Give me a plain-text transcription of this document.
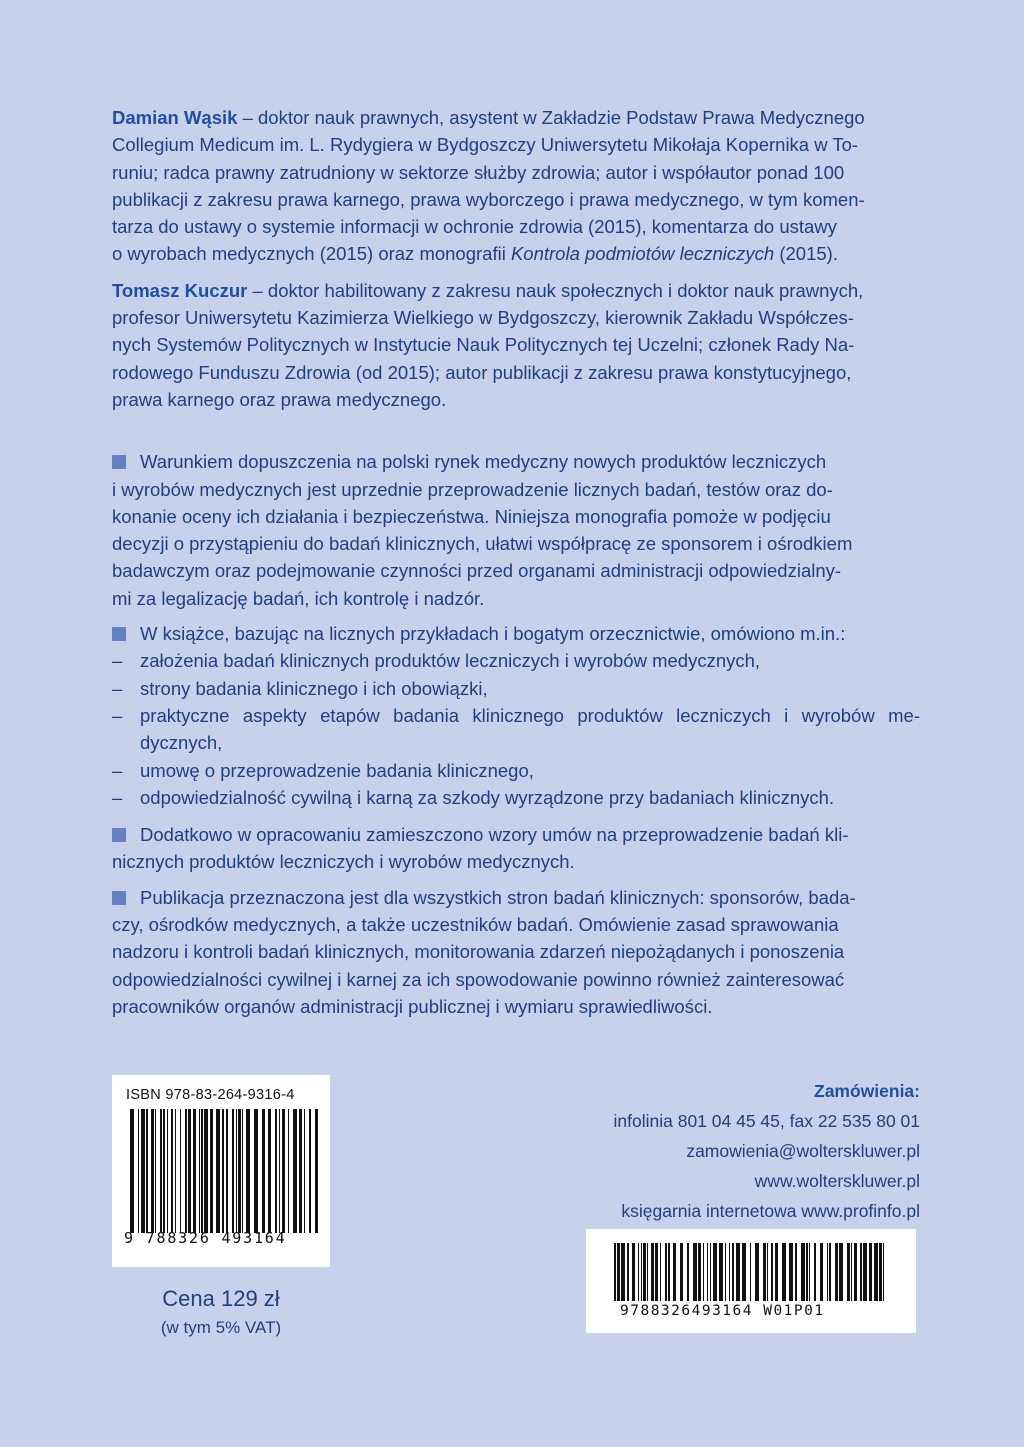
Damian Wąsik – doktor nauk prawnych, asystent w Zakładzie Podstaw Prawa Medycznego
Collegium Medicum im. L. Rydygiera w Bydgoszczy Uniwersytetu Mikołaja Kopernika w To-
runiu; radca prawny zatrudniony w sektorze służby zdrowia; autor i współautor ponad 100
publikacji z zakresu prawa karnego, prawa wyborczego i prawa medycznego, w tym komen-
tarza do ustawy o systemie informacji w ochronie zdrowia (2015), komentarza do ustawy
o wyrobach medycznych (2015) oraz monografii Kontrola podmiotów leczniczych (2015).

Tomasz Kuczur – doktor habilitowany z zakresu nauk społecznych i doktor nauk prawnych,
profesor Uniwersytetu Kazimierza Wielkiego w Bydgoszczy, kierownik Zakładu Współczes-
nych Systemów Politycznych w Instytucie Nauk Politycznych tej Uczelni; członek Rady Na-
rodowego Funduszu Zdrowia (od 2015); autor publikacji z zakresu prawa konstytucyjnego,
prawa karnego oraz prawa medycznego.

Warunkiem dopuszczenia na polski rynek medyczny nowych produktów leczniczych
i wyrobów medycznych jest uprzednie przeprowadzenie licznych badań, testów oraz do-
konanie oceny ich działania i bezpieczeństwa. Niniejsza monografia pomoże w podjęciu
decyzji o przystąpieniu do badań klinicznych, ułatwi współpracę ze sponsorem i ośrodkiem
badawczym oraz podejmowanie czynności przed organami administracji odpowiedzialny-
mi za legalizację badań, ich kontrolę i nadzór.

W książce, bazując na licznych przykładach i bogatym orzecznictwie, omówiono m.in.:

– założenia badań klinicznych produktów leczniczych i wyrobów medycznych,
– strony badania klinicznego i ich obowiązki,
– praktyczne aspekty etapów badania klinicznego produktów leczniczych i wyrobów me-dycznych,
– umowę o przeprowadzenie badania klinicznego,
– odpowiedzialność cywilną i karną za szkody wyrządzone przy badaniach klinicznych.

Dodatkowo w opracowaniu zamieszczono wzory umów na przeprowadzenie badań kli-
nicznych produktów leczniczych i wyrobów medycznych.

Publikacja przeznaczona jest dla wszystkich stron badań klinicznych: sponsorów, bada-
czy, ośrodków medycznych, a także uczestników badań. Omówienie zasad sprawowania
nadzoru i kontroli badań klinicznych, monitorowania zdarzeń niepożądanych i ponoszenia
odpowiedzialności cywilnej i karnej za ich spowodowanie powinno również zainteresować
pracowników organów administracji publicznej i wymiaru sprawiedliwości.

ISBN 978-83-264-9316-4
9 788326 493164
Cena 129 zł
(w tym 5% VAT)
Zamówienia:
infolinia 801 04 45 45, fax 22 535 80 01
zamowienia@wolterskluwer.pl
www.wolterskluwer.pl
księgarnia internetowa www.profinfo.pl
9788326493164 W01P01
